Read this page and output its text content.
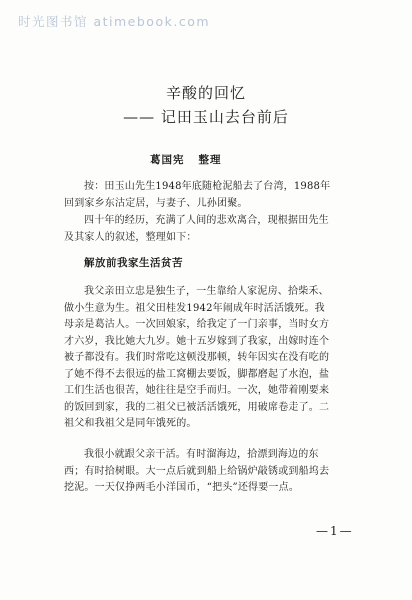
时光图书馆 atimebook.com
辛酸的回忆
—— 记田玉山去台前后
葛国宪 整理
按：田玉山先生1948年底随枪泥船去了台湾，1988年
回到家乡东沽定居，与妻子、儿孙团聚。
四十年的经历，充满了人间的悲欢离合，现根据田先生
及其家人的叙述，整理如下：
解放前我家生活贫苦
我父亲田立忠是独生子，一生靠给人家泥房、拾柴禾、
做小生意为生。祖父田桂发1942年闹成年时活活饿死。我
母亲是葛沽人。一次回娘家，给我定了一门亲事，当时女方
才六岁，我比她大九岁。她十五岁嫁到了我家，出嫁时连个
被子都没有。我们时常吃这顿没那顿，转年因实在没有吃的
了她不得不去很远的盐工窝棚去要饭，脚都磨起了水泡，盐
工们生活也很苦，她往往是空手而归。一次，她带着刚要来
的饭回到家，我的二祖父已被活活饿死，用破席卷走了。二
祖父和我祖父是同年饿死的。
我很小就跟父亲干活。有时溜海边，拾漂到海边的东
西；有时拾树眼。大一点后就到船上给锅炉敲锈或到船坞去
挖泥。一天仅挣两毛小洋国币，“把头”还得要一点。
—1—
